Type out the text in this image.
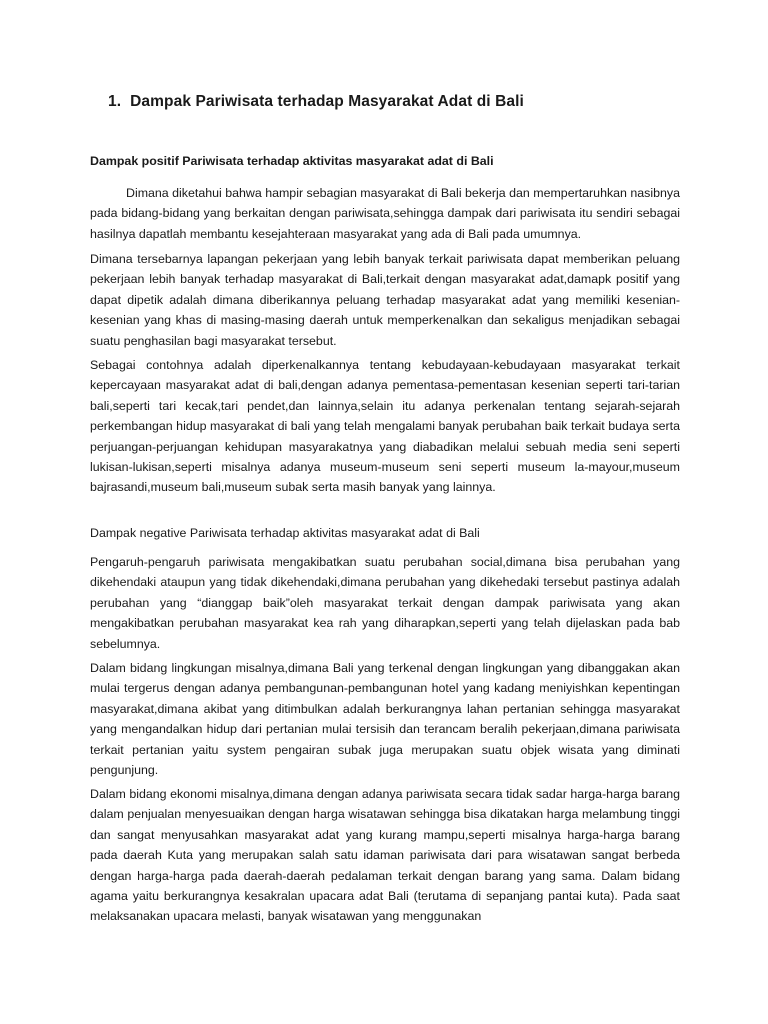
1. Dampak Pariwisata terhadap Masyarakat Adat di Bali
Dampak positif Pariwisata terhadap aktivitas masyarakat adat di Bali

Dimana diketahui bahwa hampir sebagian masyarakat di Bali bekerja dan mempertaruhkan nasibnya pada bidang-bidang yang berkaitan dengan pariwisata,sehingga dampak dari pariwisata itu sendiri sebagai hasilnya dapatlah membantu kesejahteraan masyarakat yang ada di Bali pada umumnya.

Dimana tersebarnya lapangan pekerjaan yang lebih banyak terkait pariwisata dapat memberikan peluang pekerjaan lebih banyak terhadap masyarakat di Bali,terkait dengan masyarakat adat,damapk positif yang dapat dipetik adalah dimana diberikannya peluang terhadap masyarakat adat yang memiliki kesenian-kesenian yang khas di masing-masing daerah untuk memperkenalkan dan sekaligus menjadikan sebagai suatu penghasilan bagi masyarakat tersebut.

Sebagai contohnya adalah diperkenalkannya tentang kebudayaan-kebudayaan masyarakat terkait kepercayaan masyarakat adat di bali,dengan adanya pementasa-pementasan kesenian seperti tari-tarian bali,seperti tari kecak,tari pendet,dan lainnya,selain itu adanya perkenalan tentang sejarah-sejarah perkembangan hidup masyarakat di bali yang telah mengalami banyak perubahan baik terkait budaya serta perjuangan-perjuangan kehidupan masyarakatnya yang diabadikan melalui sebuah media seni seperti lukisan-lukisan,seperti misalnya adanya museum-museum seni seperti museum la-mayour,museum bajrasandi,museum bali,museum subak serta masih banyak yang lainnya.

Dampak negative Pariwisata terhadap aktivitas masyarakat adat di Bali

Pengaruh-pengaruh pariwisata mengakibatkan suatu perubahan social,dimana bisa perubahan yang dikehendaki ataupun yang tidak dikehendaki,dimana perubahan yang dikehedaki tersebut pastinya adalah perubahan yang “dianggap baik”oleh masyarakat terkait dengan dampak pariwisata yang akan mengakibatkan perubahan masyarakat kea rah yang diharapkan,seperti yang telah dijelaskan pada bab sebelumnya.

Dalam bidang lingkungan misalnya,dimana Bali yang terkenal dengan lingkungan yang dibanggakan akan mulai tergerus dengan adanya pembangunan-pembangunan hotel yang kadang meniyishkan kepentingan masyarakat,dimana akibat yang ditimbulkan adalah berkurangnya lahan pertanian sehingga masyarakat yang mengandalkan hidup dari pertanian mulai tersisih dan terancam beralih pekerjaan,dimana pariwisata terkait pertanian yaitu system pengairan subak juga merupakan suatu objek wisata yang diminati pengunjung.

Dalam bidang ekonomi misalnya,dimana dengan adanya pariwisata secara tidak sadar harga-harga barang dalam penjualan menyesuaikan dengan harga wisatawan sehingga bisa dikatakan harga melambung tinggi dan sangat menyusahkan masyarakat adat yang kurang mampu,seperti misalnya harga-harga barang pada daerah Kuta yang merupakan salah satu idaman pariwisata dari para wisatawan sangat berbeda dengan harga-harga pada daerah-daerah pedalaman terkait dengan barang yang sama. Dalam bidang agama yaitu berkurangnya kesakralan upacara adat Bali (terutama di sepanjang pantai kuta). Pada saat melaksanakan upacara melasti, banyak wisatawan yang menggunakan
